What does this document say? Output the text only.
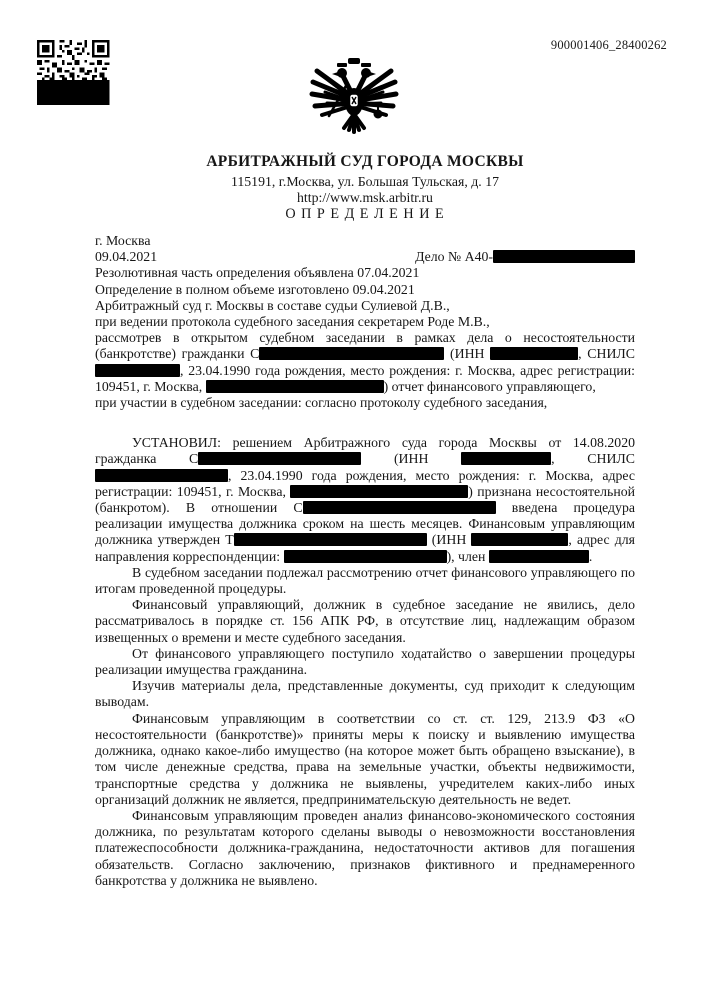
900001406_28400262
АРБИТРАЖНЫЙ СУД ГОРОДА МОСКВЫ
115191, г.Москва, ул. Большая Тульская, д. 17
http://www.msk.arbitr.ru
О П Р Е Д Е Л Е Н И Е
г. Москва
09.04.2021	Дело № А40-
Резолютивная часть определения объявлена 07.04.2021
Определение в полном объеме изготовлено 09.04.2021
Арбитражный суд г. Москвы в составе судьи Сулиевой Д.В.,
при ведении протокола судебного заседания секретарем Роде М.В.,
рассмотрев в открытом судебном заседании в рамках дела о несостоятельности (банкротстве) гражданки С	(ИНН	, СНИЛС , 23.04.1990 года рождения, место рождения: г. Москва, адрес регистрации: 109451, г. Москва,	) отчет финансового управляющего,
при участии в судебном заседании: согласно протоколу судебного заседания,

УСТАНОВИЛ: решением Арбитражного суда города Москвы от 14.08.2020 гражданка С	(ИНН	, СНИЛС , 23.04.1990 года рождения, место рождения: г. Москва, адрес регистрации: 109451, г. Москва,	) признана несостоятельной (банкротом). В отношении С	введена процедура реализации имущества должника сроком на шесть месяцев. Финансовым управляющим должника утвержден Т	(ИНН	, адрес для направления корреспонденции:	), член	.

В судебном заседании подлежал рассмотрению отчет финансового управляющего по итогам проведенной процедуры.

Финансовый управляющий, должник в судебное заседание не явились, дело рассматривалось в порядке ст. 156 АПК РФ, в отсутствие лиц, надлежащим образом извещенных о времени и месте судебного заседания.

От финансового управляющего поступило ходатайство о завершении процедуры реализации имущества гражданина.

Изучив материалы дела, представленные документы, суд приходит к следующим выводам.

Финансовым управляющим в соответствии со ст. ст. 129, 213.9 ФЗ «О несостоятельности (банкротстве)» приняты меры к поиску и выявлению имущества должника, однако какое-либо имущество (на которое может быть обращено взыскание), в том числе денежные средства, права на земельные участки, объекты недвижимости, транспортные средства у должника не выявлены, учредителем каких-либо иных организаций должник не является, предпринимательскую деятельность не ведет.

Финансовым управляющим проведен анализ финансово-экономического состояния должника, по результатам которого сделаны выводы о невозможности восстановления платежеспособности должника-гражданина, недостаточности активов для погашения обязательств. Согласно заключению, признаков фиктивного и преднамеренного банкротства у должника не выявлено.
